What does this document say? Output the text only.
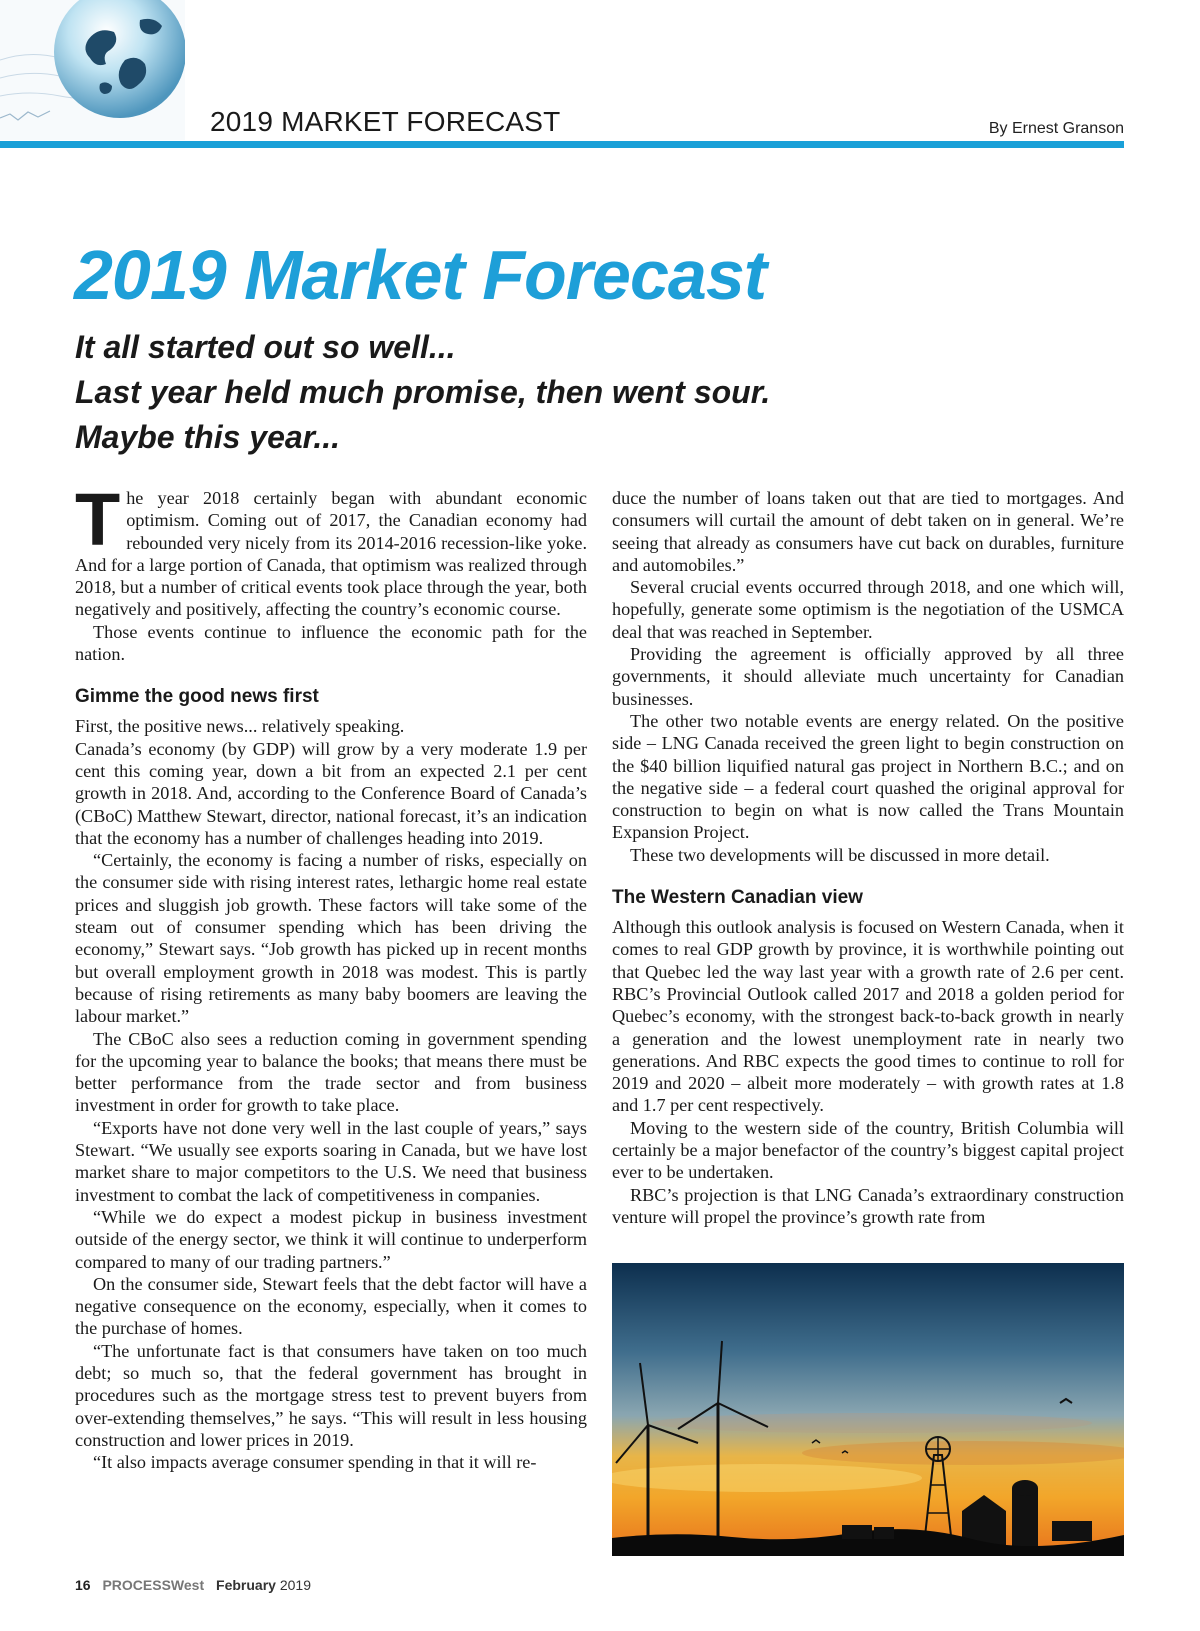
2019 MARKET FORECAST	By Ernest Granson
2019 Market Forecast
It all started out so well...
Last year held much promise, then went sour.
Maybe this year...

The year 2018 certainly began with abundant economic optimism. Coming out of 2017, the Canadian economy had rebounded very nicely from its 2014-2016 recession-like yoke. And for a large portion of Canada, that optimism was realized through 2018, but a number of critical events took place through the year, both negatively and positively, affecting the country’s economic course.

Those events continue to influence the economic path for the nation.

Gimme the good news first

First, the positive news... relatively speaking.

Canada’s economy (by GDP) will grow by a very moderate 1.9 per cent this coming year, down a bit from an expected 2.1 per cent growth in 2018. And, according to the Conference Board of Canada’s (CBoC) Matthew Stewart, director, national forecast, it’s an indication that the economy has a number of challenges heading into 2019.

“Certainly, the economy is facing a number of risks, especially on the consumer side with rising interest rates, lethargic home real estate prices and sluggish job growth. These factors will take some of the steam out of consumer spending which has been driving the economy,” Stewart says. “Job growth has picked up in recent months but overall employment growth in 2018 was modest. This is partly because of rising retirements as many baby boomers are leaving the labour market.”

The CBoC also sees a reduction coming in government spending for the upcoming year to balance the books; that means there must be better performance from the trade sector and from business investment in order for growth to take place.

“Exports have not done very well in the last couple of years,” says Stewart. “We usually see exports soaring in Canada, but we have lost market share to major competitors to the U.S. We need that business investment to combat the lack of competitiveness in companies.

“While we do expect a modest pickup in business investment outside of the energy sector, we think it will continue to underperform compared to many of our trading partners.”

On the consumer side, Stewart feels that the debt factor will have a negative consequence on the economy, especially, when it comes to the purchase of homes.

“The unfortunate fact is that consumers have taken on too much debt; so much so, that the federal government has brought in procedures such as the mortgage stress test to prevent buyers from over-extending themselves,” he says. “This will result in less housing construction and lower prices in 2019.

“It also impacts average consumer spending in that it will re-

duce the number of loans taken out that are tied to mortgages. And consumers will curtail the amount of debt taken on in general. We’re seeing that already as consumers have cut back on durables, furniture and automobiles.”

Several crucial events occurred through 2018, and one which will, hopefully, generate some optimism is the negotiation of the USMCA deal that was reached in September.

Providing the agreement is officially approved by all three governments, it should alleviate much uncertainty for Canadian businesses.

The other two notable events are energy related. On the positive side – LNG Canada received the green light to begin construction on the $40 billion liquified natural gas project in Northern B.C.; and on the negative side – a federal court quashed the original approval for construction to begin on what is now called the Trans Mountain Expansion Project.

These two developments will be discussed in more detail.

The Western Canadian view

Although this outlook analysis is focused on Western Canada, when it comes to real GDP growth by province, it is worthwhile pointing out that Quebec led the way last year with a growth rate of 2.6 per cent. RBC’s Provincial Outlook called 2017 and 2018 a golden period for Quebec’s economy, with the strongest back-to-back growth in nearly a generation and the lowest unemployment rate in nearly two generations. And RBC expects the good times to continue to roll for 2019 and 2020 – albeit more moderately – with growth rates at 1.8 and 1.7 per cent respectively.

Moving to the western side of the country, British Columbia will certainly be a major benefactor of the country’s biggest capital project ever to be undertaken.

RBC’s projection is that LNG Canada’s extraordinary construction venture will propel the province’s growth rate from

16 PROCESSWest February 2019
